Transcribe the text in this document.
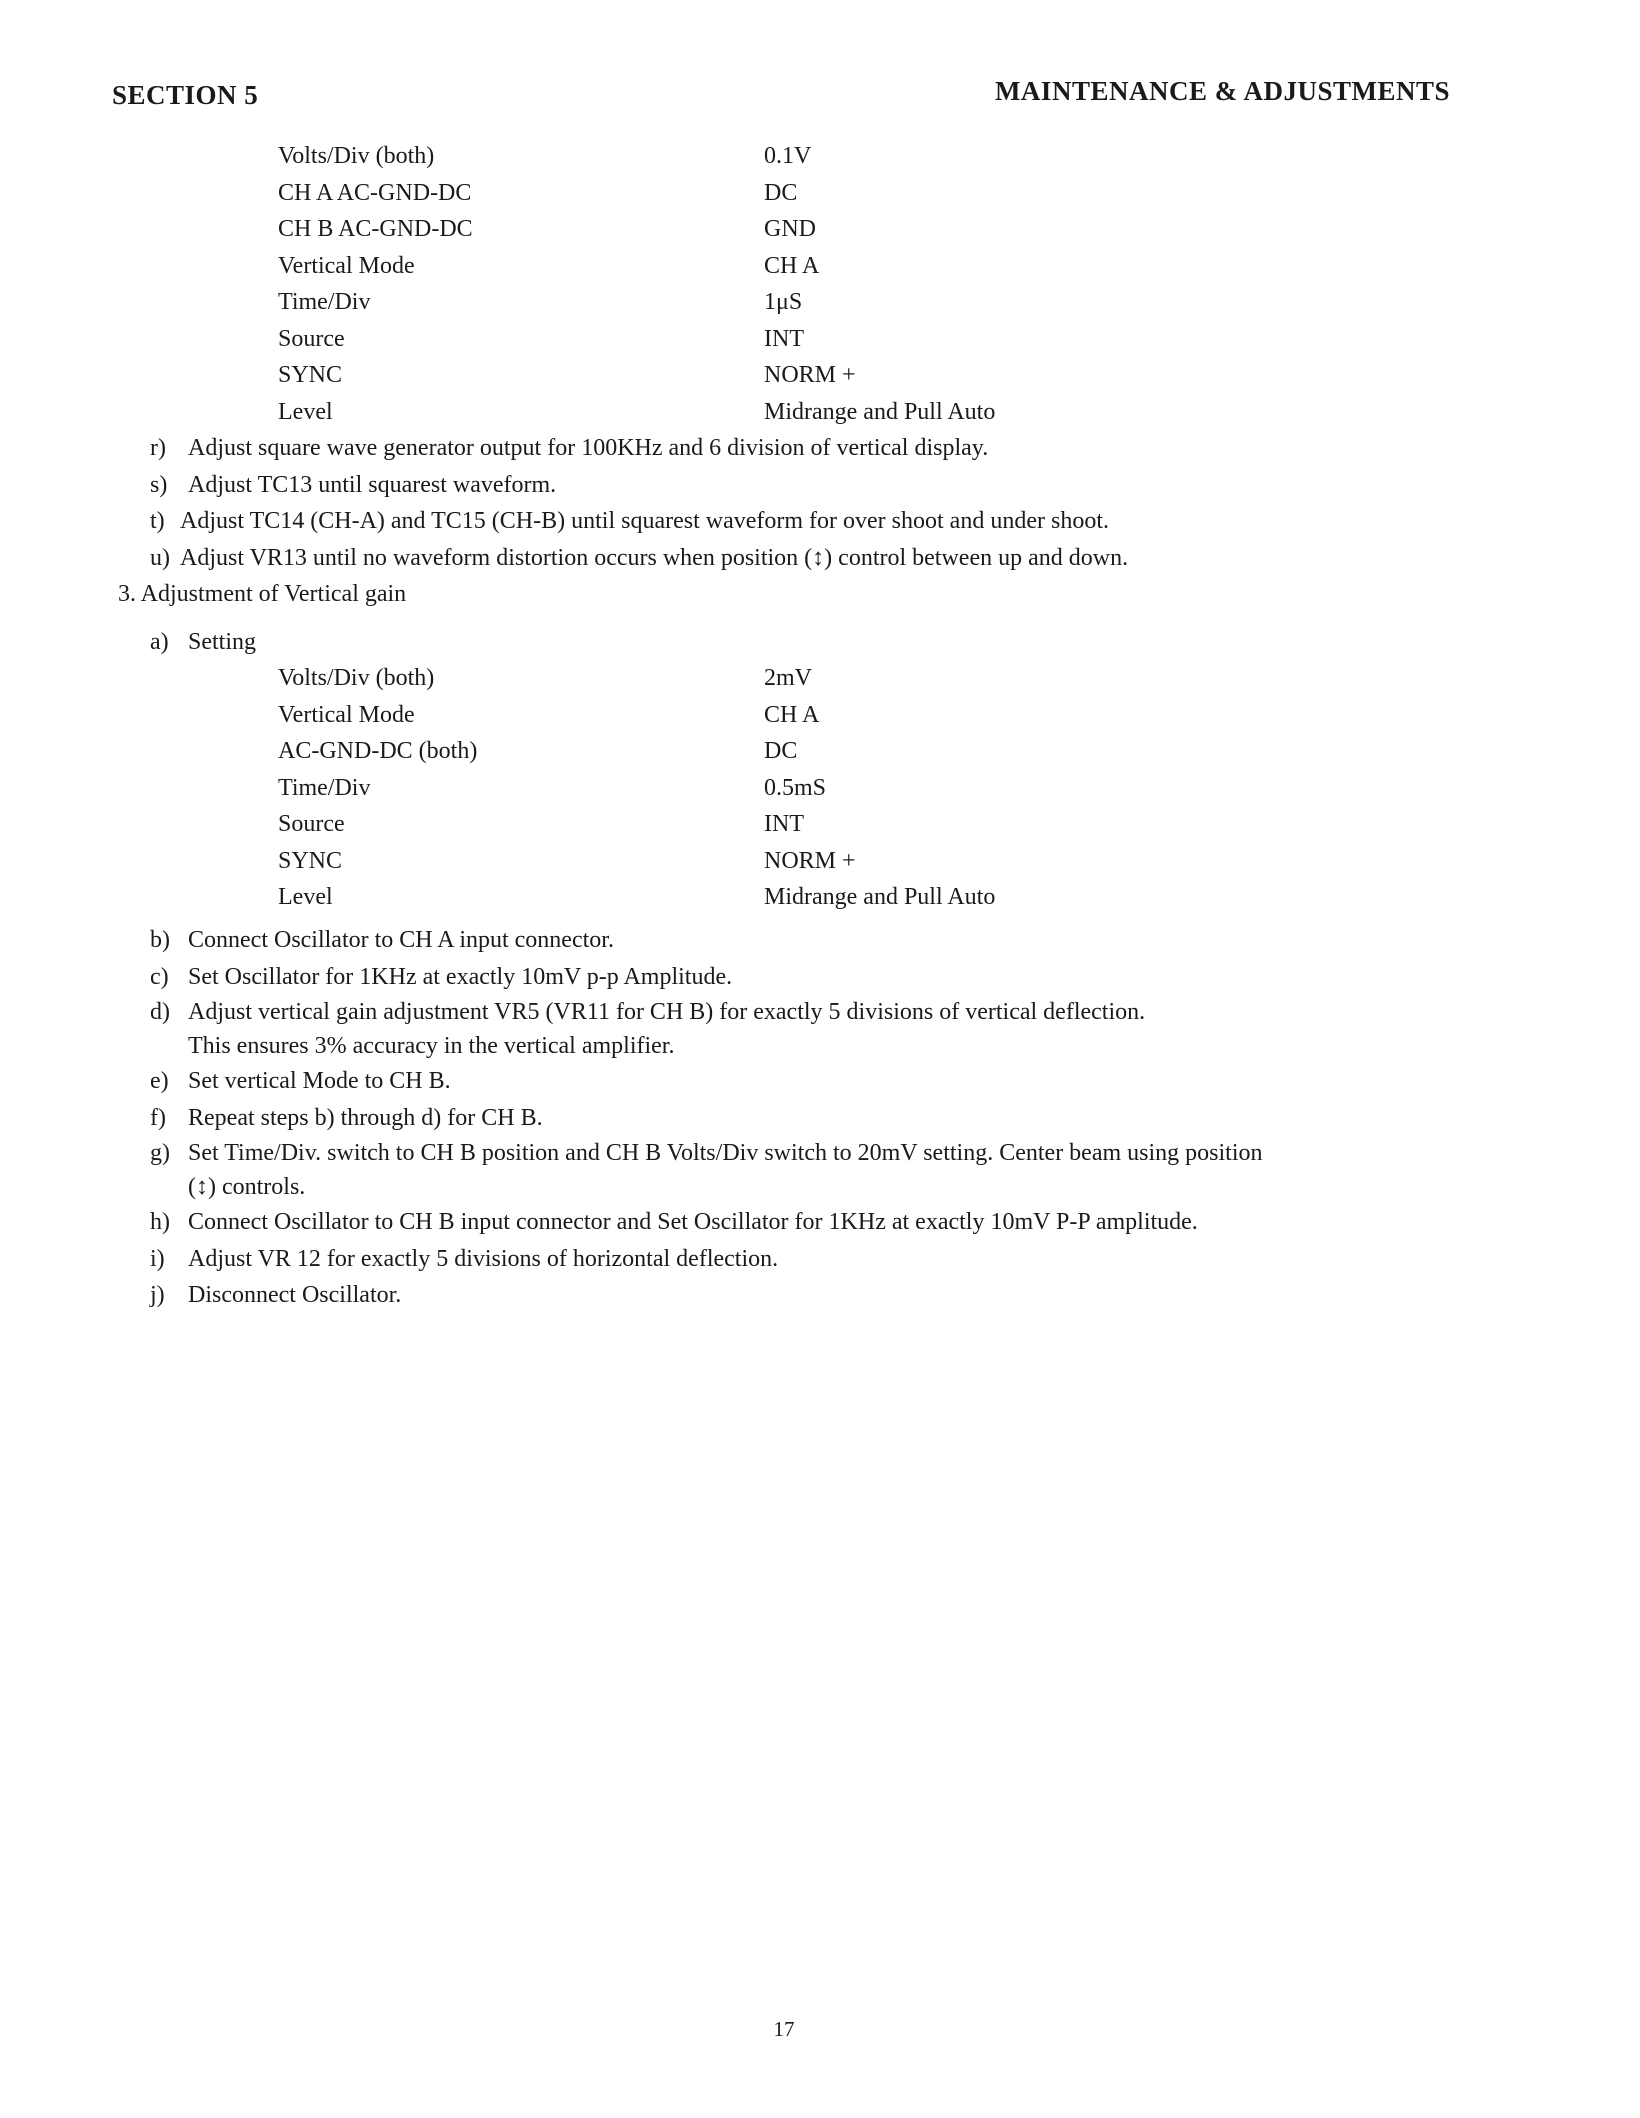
SECTION 5	MAINTENANCE & ADJUSTMENTS
Volts/Div (both)	0.1V
CH A AC-GND-DC	DC
CH B AC-GND-DC	GND
Vertical Mode	CH A
Time/Div	1μS
Source	INT
SYNC	NORM +
Level	Midrange and Pull Auto
r) Adjust square wave generator output for 100KHz and 6 division of vertical display.
s) Adjust TC13 until squarest waveform.
t) Adjust TC14 (CH-A) and TC15 (CH-B) until squarest waveform for over shoot and under shoot.
u) Adjust VR13 until no waveform distortion occurs when position (↕) control between up and down.
3. Adjustment of Vertical gain
a) Setting
Volts/Div (both)	2mV
Vertical Mode	CH A
AC-GND-DC (both)	DC
Time/Div	0.5mS
Source	INT
SYNC	NORM +
Level	Midrange and Pull Auto
b) Connect Oscillator to CH A input connector.
c) Set Oscillator for 1KHz at exactly 10mV p-p Amplitude.
d) Adjust vertical gain adjustment VR5 (VR11 for CH B) for exactly 5 divisions of vertical deflection.
This ensures 3% accuracy in the vertical amplifier.
e) Set vertical Mode to CH B.
f) Repeat steps b) through d) for CH B.
g) Set Time/Div. switch to CH B position and CH B Volts/Div switch to 20mV setting. Center beam using position
(↕) controls.
h) Connect Oscillator to CH B input connector and Set Oscillator for 1KHz at exactly 10mV P-P amplitude.
i) Adjust VR 12 for exactly 5 divisions of horizontal deflection.
j) Disconnect Oscillator.
17
